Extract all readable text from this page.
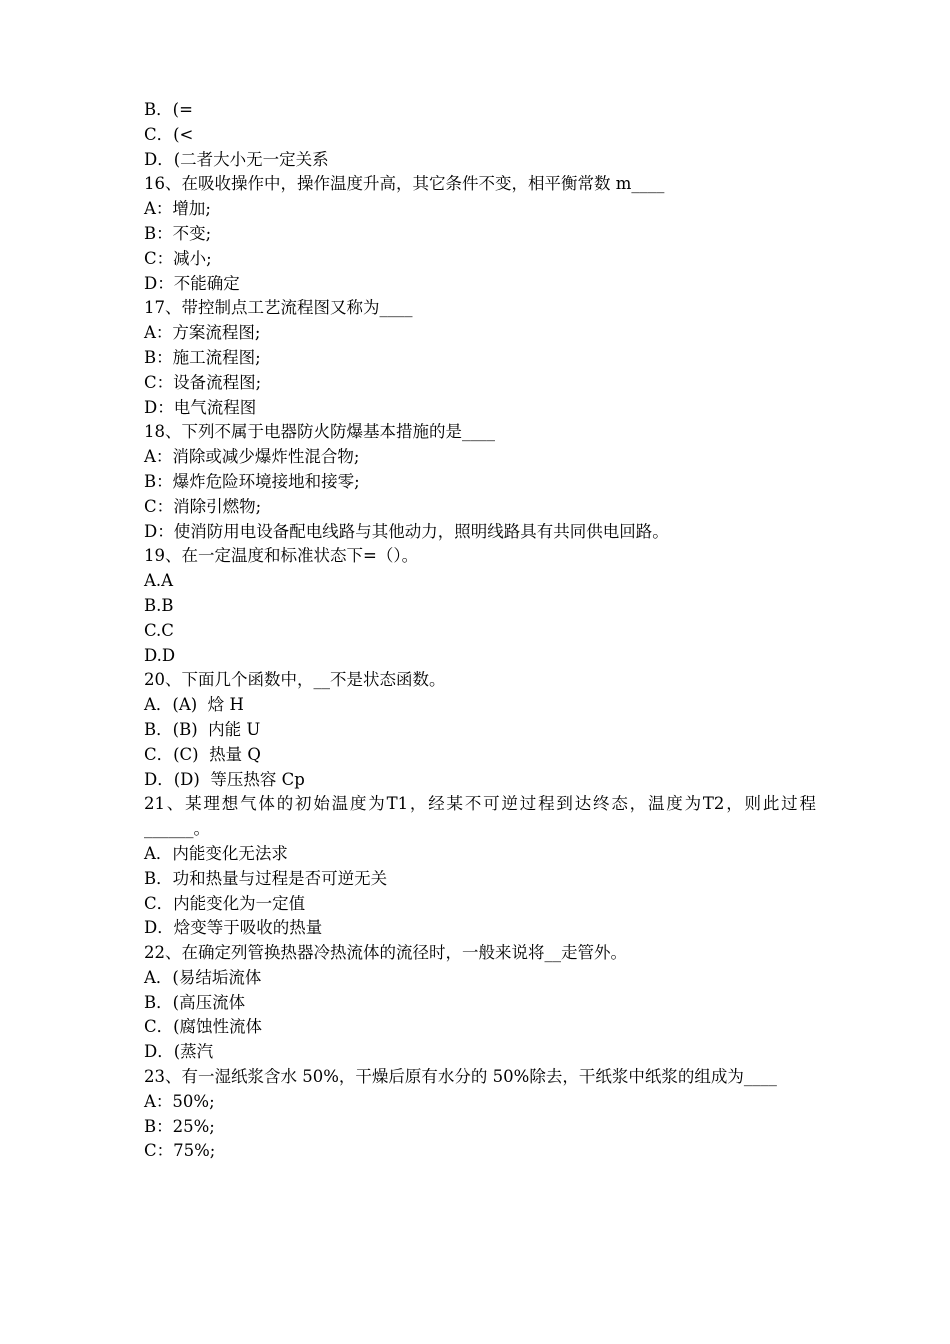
B．(=

C．(<

D．(二者大小无一定关系

16、在吸收操作中，操作温度升高，其它条件不变，相平衡常数 m____

A：增加;

B：不变;

C：减小;

D：不能确定

17、带控制点工艺流程图又称为____

A：方案流程图;

B：施工流程图;

C：设备流程图;

D：电气流程图

18、下列不属于电器防火防爆基本措施的是____

A：消除或减少爆炸性混合物;

B：爆炸危险环境接地和接零;

C：消除引燃物;

D：使消防用电设备配电线路与其他动力，照明线路具有共同供电回路。

19、在一定温度和标准状态下=（）。

A.A

B.B

C.C

D.D

20、下面几个函数中，__不是状态函数。

A．(A)  焓 H

B．(B)  内能 U

C．(C)  热量 Q

D．(D)  等压热容 Cp

21、某理想气体的初始温度为T1，经某不可逆过程到达终态，温度为T2，则此过程______。

A．内能变化无法求

B．功和热量与过程是否可逆无关

C．内能变化为一定值

D．焓变等于吸收的热量

22、在确定列管换热器冷热流体的流径时，一般来说将__走管外。

A．(易结垢流体

B．(高压流体

C．(腐蚀性流体

D．(蒸汽

23、有一湿纸浆含水 50%，干燥后原有水分的 50%除去，干纸浆中纸浆的组成为____

A：50%;

B：25%;

C：75%;
